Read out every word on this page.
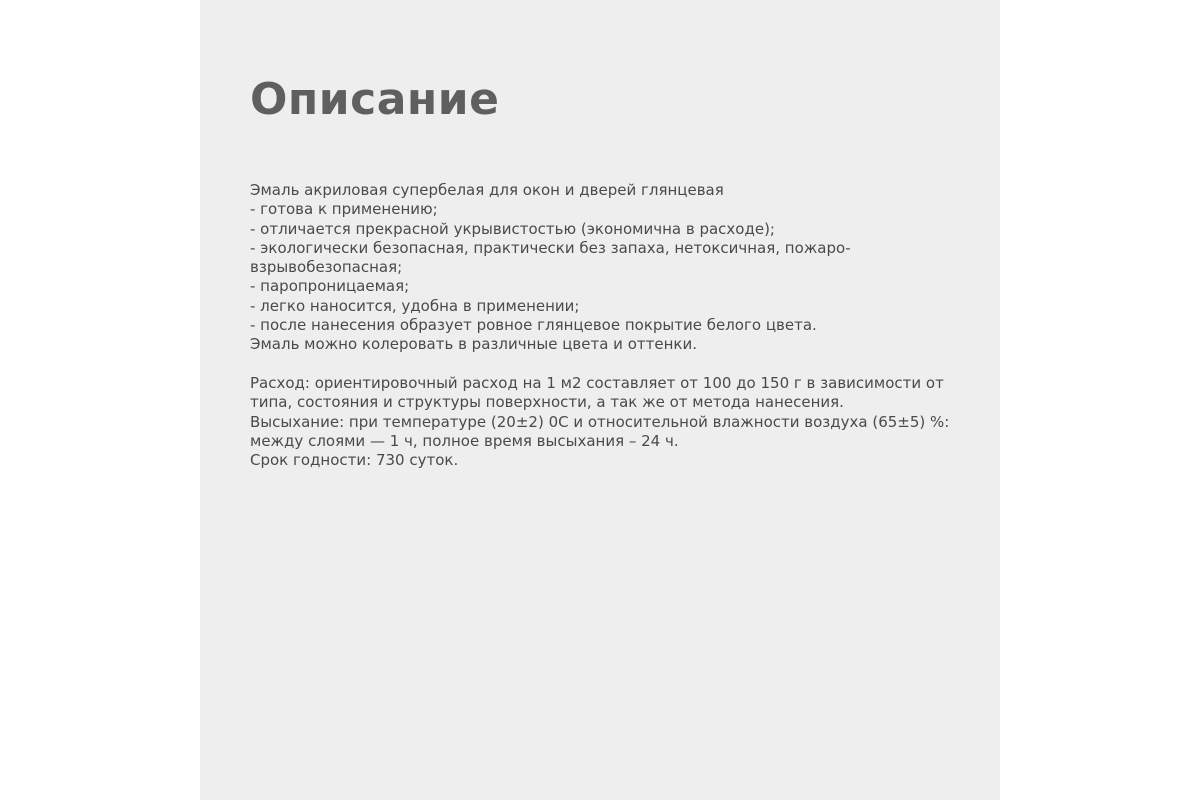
Описание
Эмаль акриловая супербелая для окон и дверей глянцевая
- готова к применению;
- отличается прекрасной укрывистостью (экономична в расходе);
- экологически безопасная, практически без запаха, нетоксичная, пожаро-
взрывобезопасная;
- паропроницаемая;
- легко наносится, удобна в применении;
- после нанесения образует ровное глянцевое покрытие белого цвета.
Эмаль можно колеровать в различные цвета и оттенки.
Расход: ориентировочный расход на 1 м2 составляет от 100 до 150 г в зависимости от
типа, состояния и структуры поверхности, а так же от метода нанесения.
Высыхание: при температуре (20±2) 0С и относительной влажности воздуха (65±5) %:
между слоями — 1 ч, полное время высыхания – 24 ч.
Срок годности: 730 суток.
